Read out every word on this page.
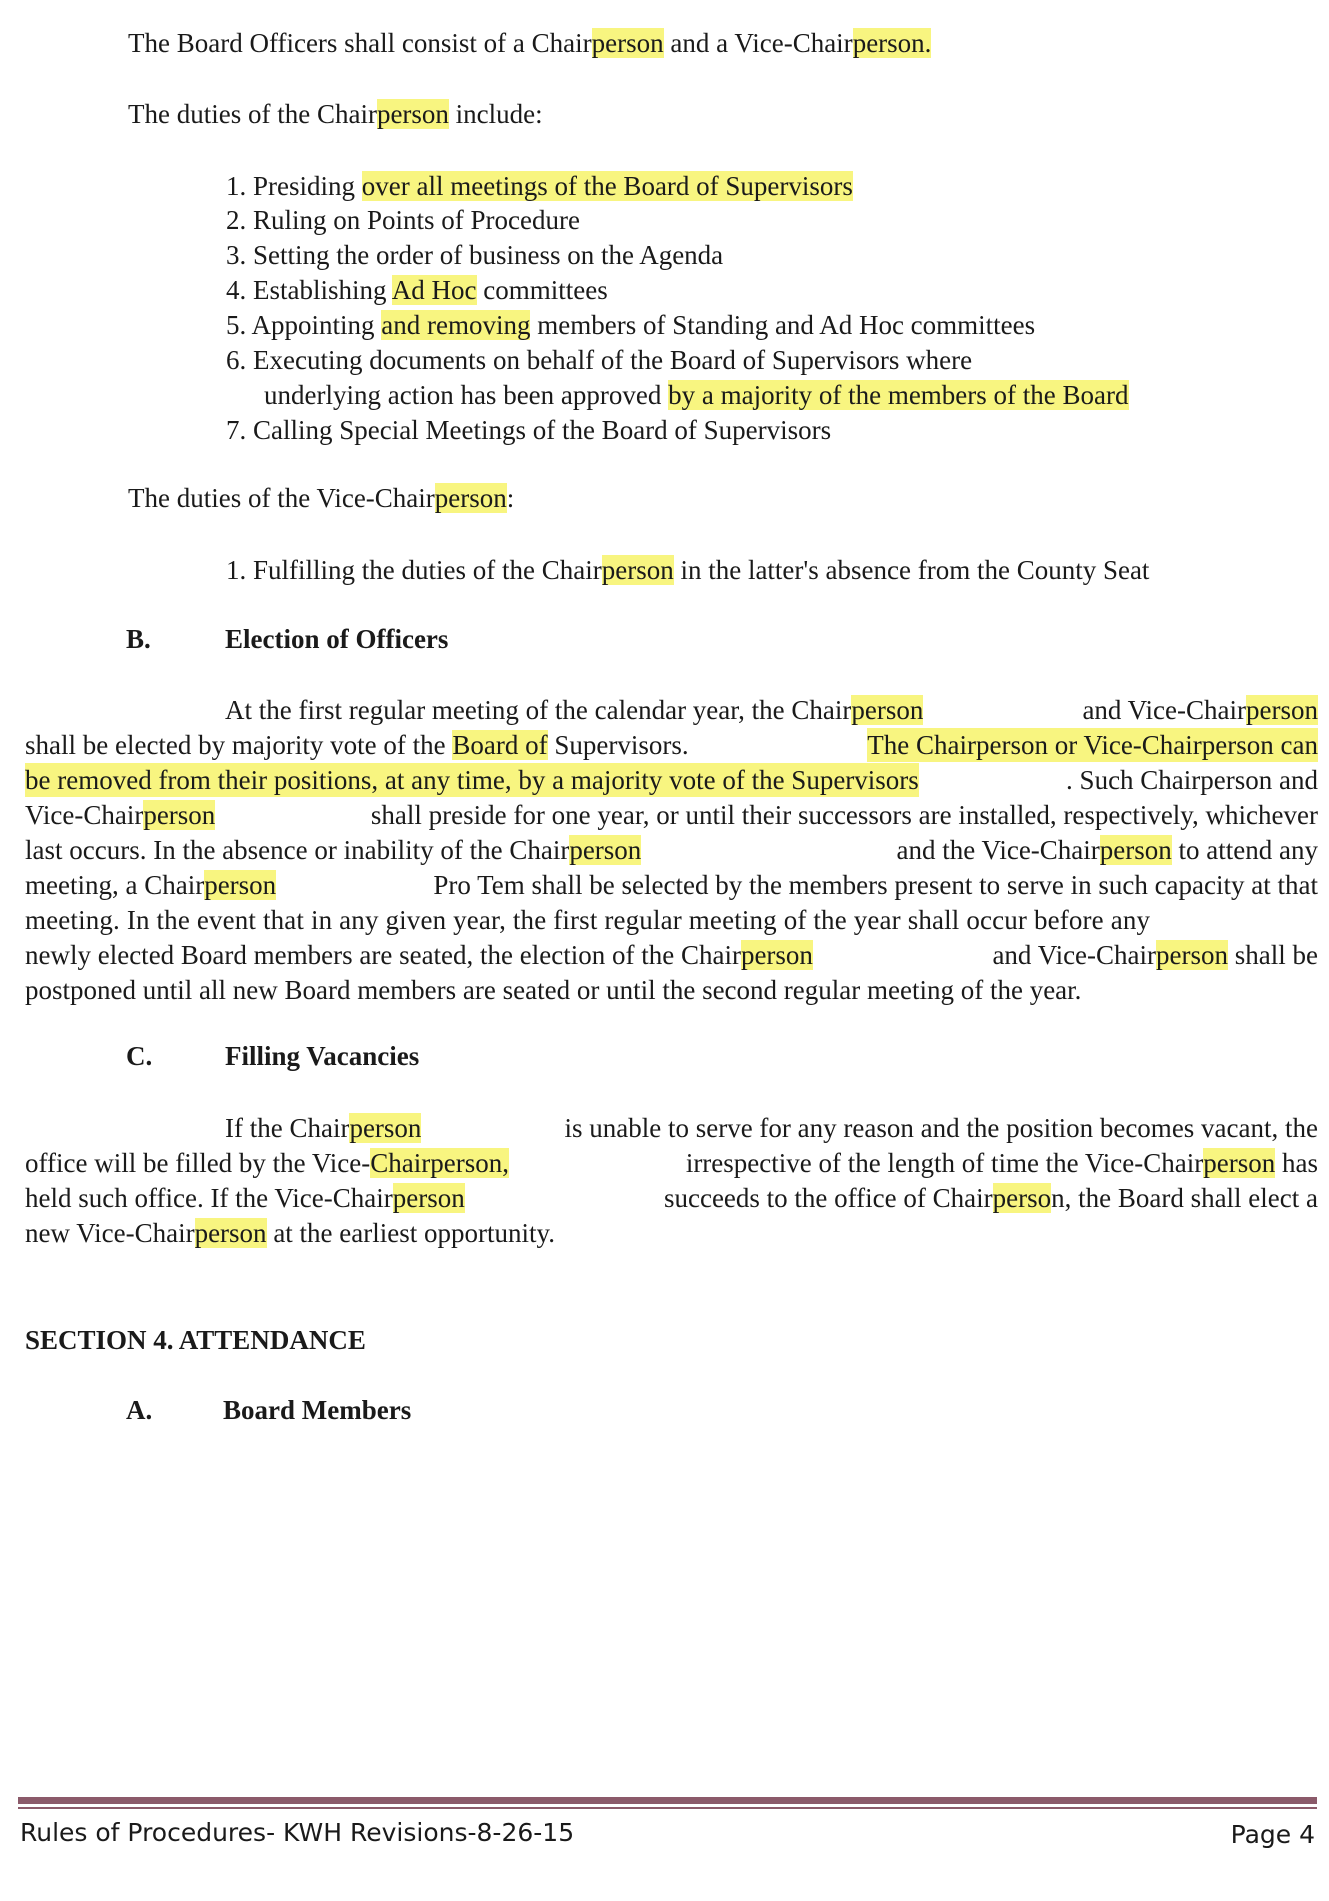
The Board Officers shall consist of a Chairperson and a Vice-Chairperson.
The duties of the Chairperson include:
1. Presiding over all meetings of the Board of Supervisors
2. Ruling on Points of Procedure
3. Setting the order of business on the Agenda
4. Establishing Ad Hoc committees
5. Appointing and removing members of Standing and Ad Hoc committees
6. Executing documents on behalf of the Board of Supervisors where
underlying action has been approved by a majority of the members of the Board
7. Calling Special Meetings of the Board of Supervisors
The duties of the Vice-Chairperson:
1. Fulfilling the duties of the Chairperson in the latter's absence from the County Seat
B.	Election of Officers
At the first regular meeting of the calendar year, the Chairperson	and Vice-Chairperson
shall be elected by majority vote of the Board of Supervisors.	The Chairperson or Vice-Chairperson can
be removed from their positions, at any time, by a majority vote of the Supervisors	. Such Chairperson and
Vice-Chairperson	shall preside for one year, or until their successors are installed, respectively, whichever
last occurs. In the absence or inability of the Chairperson	and the Vice-Chairperson to attend any
meeting, a Chairperson	Pro Tem shall be selected by the members present to serve in such capacity at that
meeting. In the event that in any given year, the first regular meeting of the year shall occur before any
newly elected Board members are seated, the election of the Chairperson	and Vice-Chairperson shall be
postponed until all new Board members are seated or until the second regular meeting of the year.
C.	Filling Vacancies
If the Chairperson	is unable to serve for any reason and the position becomes vacant, the
office will be filled by the Vice-Chairperson,	irrespective of the length of time the Vice-Chairperson has
held such office. If the Vice-Chairperson	succeeds to the office of Chairperson, the Board shall elect a
new Vice-Chairperson at the earliest opportunity.
SECTION 4. ATTENDANCE
A.	Board Members
Rules of Procedures- KWH Revisions-8-26-15	Page 4
